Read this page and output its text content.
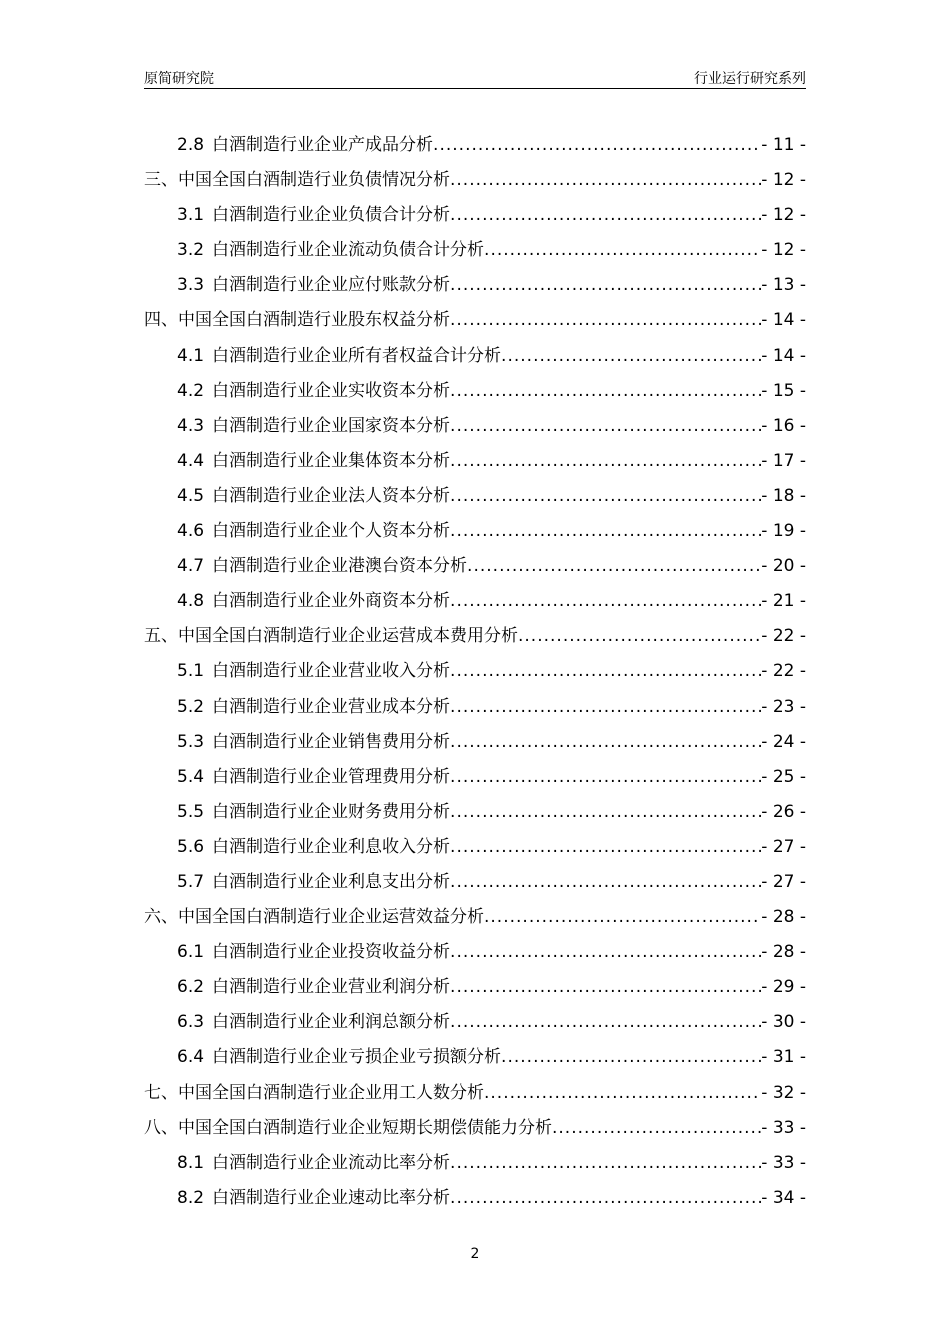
原简研究院	行业运行研究系列
2.8 白酒制造行业企业产成品分析 .....	- 11 -
三、中国全国白酒制造行业负债情况分析 .....	- 12 -
3.1 白酒制造行业企业负债合计分析 .....	- 12 -
3.2 白酒制造行业企业流动负债合计分析 .....	- 12 -
3.3 白酒制造行业企业应付账款分析 .....	- 13 -
四、中国全国白酒制造行业股东权益分析 .....	- 14 -
4.1 白酒制造行业企业所有者权益合计分析 .....	- 14 -
4.2 白酒制造行业企业实收资本分析 .....	- 15 -
4.3 白酒制造行业企业国家资本分析 .....	- 16 -
4.4 白酒制造行业企业集体资本分析 .....	- 17 -
4.5 白酒制造行业企业法人资本分析 .....	- 18 -
4.6 白酒制造行业企业个人资本分析 .....	- 19 -
4.7 白酒制造行业企业港澳台资本分析 .....	- 20 -
4.8 白酒制造行业企业外商资本分析 .....	- 21 -
五、中国全国白酒制造行业企业运营成本费用分析 .....	- 22 -
5.1 白酒制造行业企业营业收入分析 .....	- 22 -
5.2 白酒制造行业企业营业成本分析 .....	- 23 -
5.3 白酒制造行业企业销售费用分析 .....	- 24 -
5.4 白酒制造行业企业管理费用分析 .....	- 25 -
5.5 白酒制造行业企业财务费用分析 .....	- 26 -
5.6 白酒制造行业企业利息收入分析 .....	- 27 -
5.7 白酒制造行业企业利息支出分析 .....	- 27 -
六、中国全国白酒制造行业企业运营效益分析 .....	- 28 -
6.1 白酒制造行业企业投资收益分析 .....	- 28 -
6.2 白酒制造行业企业营业利润分析 .....	- 29 -
6.3 白酒制造行业企业利润总额分析 .....	- 30 -
6.4 白酒制造行业企业亏损企业亏损额分析 .....	- 31 -
七、中国全国白酒制造行业企业用工人数分析 .....	- 32 -
八、中国全国白酒制造行业企业短期长期偿债能力分析 .....	- 33 -
8.1 白酒制造行业企业流动比率分析 .....	- 33 -
8.2 白酒制造行业企业速动比率分析 .....	- 34 -
2
